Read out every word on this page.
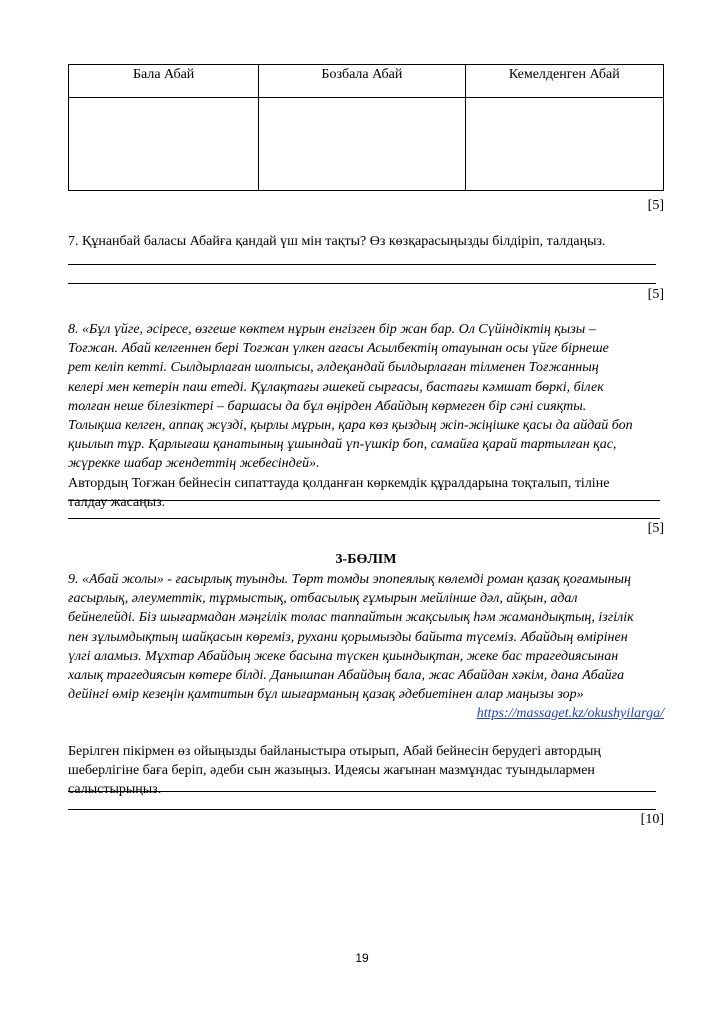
Бала Абай	Бозбала Абай	Кемелденген Абай

[5]
7. Құнанбай баласы Абайға қандай үш мін тақты? Өз көзқарасыңызды білдіріп, талдаңыз.
[5]
8. «Бұл үйге, әсіресе, өзгеше көктем нұрын енгізген бір жан бар. Ол Сүйіндіктің қызы –
Тоғжан. Абай келгеннен бері Тоғжан үлкен ағасы Асылбектің отауынан осы үйге бірнеше
рет келіп кетті. Сылдырлаған шолпысы, әлдеқандай былдырлаған тілменен Тоғжанның
келері мен кетерін паш етеді. Құлақтағы әшекей сырғасы, бастағы кәмшат бөркі, білек
толған неше білезіктері – баршасы да бұл өңірден Абайдың көрмеген бір сәні сияқты.
Толықша келген, аппақ жүзді, қырлы мұрын, қара көз қыздың жіп-жіңішке қасы да айдай боп
қиылып тұр. Қарлығаш қанатының ұшындай үп-үшкір боп, самайға қарай тартылған қас,
жүрекке шабар жендеттің жебесіндей».
Автордың Тоғжан бейнесін сипаттауда қолданған көркемдік құралдарына тоқталып, тіліне
талдау жасаңыз.
[5]
3-БӨЛІМ
9. «Абай жолы» - ғасырлық туынды. Төрт томды эпопеялық көлемді роман қазақ қоғамының
ғасырлық, әлеуметтік, тұрмыстық, отбасылық ғұмырын мейлінше дәл, айқын, адал
бейнелейді. Біз шығармадан мәңгілік толас таппайтын жақсылық һәм жамандықтың, ізгілік
пен зұлымдықтың шайқасын көреміз, рухани қорымызды байыта түсеміз. Абайдың өмірінен
үлгі аламыз. Мұхтар Абайдың жеке басына түскен қиындықтан, жеке бас трагедиясынан
халық трагедиясын көтере білді. Данышпан Абайдың бала, жас Абайдан хәкім, дана Абайға
дейінгі өмір кезеңін қамтитын бұл шығарманың қазақ әдебиетінен алар маңызы зор»
https://massaget.kz/okushyilarga/
Берілген пікірмен өз ойыңызды байланыстыра отырып, Абай бейнесін берудегі автордың
шеберлігіне баға беріп, әдеби сын жазыңыз. Идеясы жағынан мазмұндас туындылармен
салыстырыңыз.
[10]
19
